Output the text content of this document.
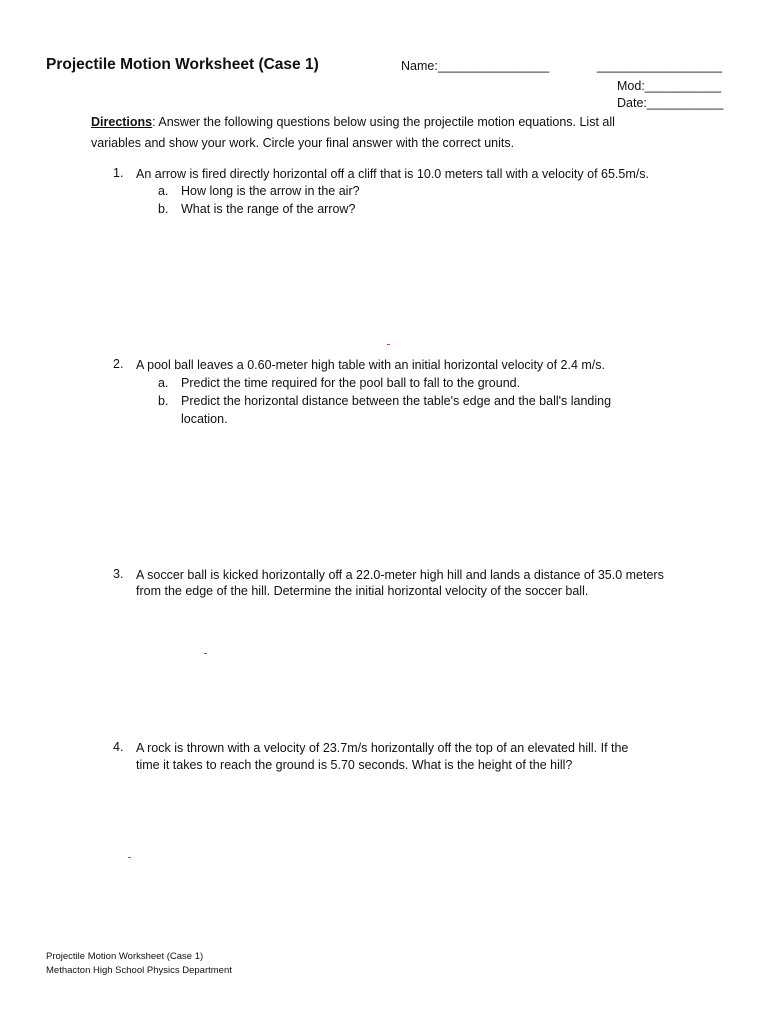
Projectile Motion Worksheet (Case 1)	Name:________________	__________________
Mod:___________
Date:___________
Directions: Answer the following questions below using the projectile motion equations. List all variables and show your work. Circle your final answer with the correct units.
1. An arrow is fired directly horizontal off a cliff that is 10.0 meters tall with a velocity of 65.5m/s.
a. How long is the arrow in the air?
b. What is the range of the arrow?
2. A pool ball leaves a 0.60-meter high table with an initial horizontal velocity of 2.4 m/s.
a. Predict the time required for the pool ball to fall to the ground.
b. Predict the horizontal distance between the table's edge and the ball's landing
location.
3. A soccer ball is kicked horizontally off a 22.0-meter high hill and lands a distance of 35.0 meters
from the edge of the hill. Determine the initial horizontal velocity of the soccer ball.
4. A rock is thrown with a velocity of 23.7m/s horizontally off the top of an elevated hill. If the
time it takes to reach the ground is 5.70 seconds. What is the height of the hill?
Projectile Motion Worksheet (Case 1)
Methacton High School Physics Department
